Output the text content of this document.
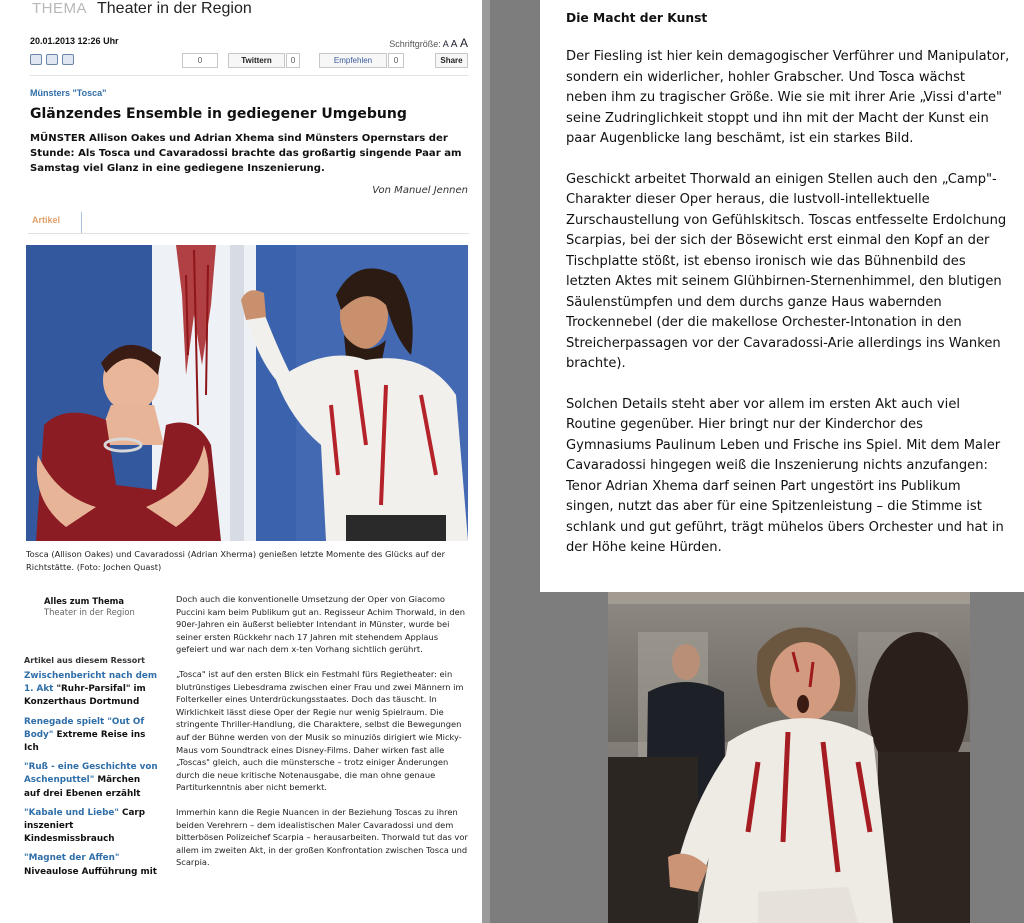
THEMA Theater in der Region
20.01.2013 12:26 Uhr	Schriftgröße: A A A
0	Twittern	0	Empfehlen	0	Share
Münsters "Tosca"
Glänzendes Ensemble in gediegener Umgebung
MÜNSTER Allison Oakes und Adrian Xhema sind Münsters Opernstars der Stunde: Als Tosca und Cavaradossi brachte das großartig singende Paar am Samstag viel Glanz in eine gediegene Inszenierung.
Von Manuel Jennen
Artikel
Tosca (Allison Oakes) und Cavaradossi (Adrian Xherma) genießen letzte Momente des Glücks auf der Richtstätte. (Foto: Jochen Quast)
Alles zum Thema
Theater in der Region
Artikel aus diesem Ressort
Zwischenbericht nach dem 1. Akt "Ruhr-Parsifal" im Konzerthaus Dortmund
Renegade spielt "Out Of Body" Extreme Reise ins Ich
"Ruß - eine Geschichte von Aschenputtel" Märchen auf drei Ebenen erzählt
"Kabale und Liebe" Carp inszeniert Kindesmissbrauch
"Magnet der Affen" Niveaulose Aufführung mit

Doch auch die konventionelle Umsetzung der Oper von Giacomo Puccini kam beim Publikum gut an. Regisseur Achim Thorwald, in den 90er-Jahren ein äußerst beliebter Intendant in Münster, wurde bei seiner ersten Rückkehr nach 17 Jahren mit stehendem Applaus gefeiert und war nach dem x-ten Vorhang sichtlich gerührt.

„Tosca" ist auf den ersten Blick ein Festmahl fürs Regietheater: ein blutrünstiges Liebesdrama zwischen einer Frau und zwei Männern im Folterkeller eines Unterdrückungsstaates. Doch das täuscht. In Wirklichkeit lässt diese Oper der Regie nur wenig Spielraum. Die stringente Thriller-Handlung, die Charaktere, selbst die Bewegungen auf der Bühne werden von der Musik so minuziös dirigiert wie Micky-Maus vom Soundtrack eines Disney-Films. Daher wirken fast alle „Toscas" gleich, auch die münstersche – trotz einiger Änderungen durch die neue kritische Notenausgabe, die man ohne genaue Partiturkenntnis aber nicht bemerkt.

Immerhin kann die Regie Nuancen in der Beziehung Toscas zu ihren beiden Verehrern – dem idealistischen Maler Cavaradossi und dem bitterbösen Polizeichef Scarpia – herausarbeiten. Thorwald tut das vor allem im zweiten Akt, in der großen Konfrontation zwischen Tosca und Scarpia.

Die Macht der Kunst

Der Fiesling ist hier kein demagogischer Verführer und Manipulator, sondern ein widerlicher, hohler Grabscher. Und Tosca wächst neben ihm zu tragischer Größe. Wie sie mit ihrer Arie „Vissi d'arte" seine Zudringlichkeit stoppt und ihn mit der Macht der Kunst ein paar Augenblicke lang beschämt, ist ein starkes Bild.

Geschickt arbeitet Thorwald an einigen Stellen auch den „Camp"-Charakter dieser Oper heraus, die lustvoll-intellektuelle Zurschaustellung von Gefühlskitsch. Toscas entfesselte Erdolchung Scarpias, bei der sich der Bösewicht erst einmal den Kopf an der Tischplatte stößt, ist ebenso ironisch wie das Bühnenbild des letzten Aktes mit seinem Glühbirnen-Sternenhimmel, den blutigen Säulenstümpfen und dem durchs ganze Haus wabernden Trockennebel (der die makellose Orchester-Intonation in den Streicherpassagen vor der Cavaradossi-Arie allerdings ins Wanken brachte).

Solchen Details steht aber vor allem im ersten Akt auch viel Routine gegenüber. Hier bringt nur der Kinderchor des Gymnasiums Paulinum Leben und Frische ins Spiel. Mit dem Maler Cavaradossi hingegen weiß die Inszenierung nichts anzufangen: Tenor Adrian Xhema darf seinen Part ungestört ins Publikum singen, nutzt das aber für eine Spitzenleistung – die Stimme ist schlank und gut geführt, trägt mühelos übers Orchester und hat in der Höhe keine Hürden.
